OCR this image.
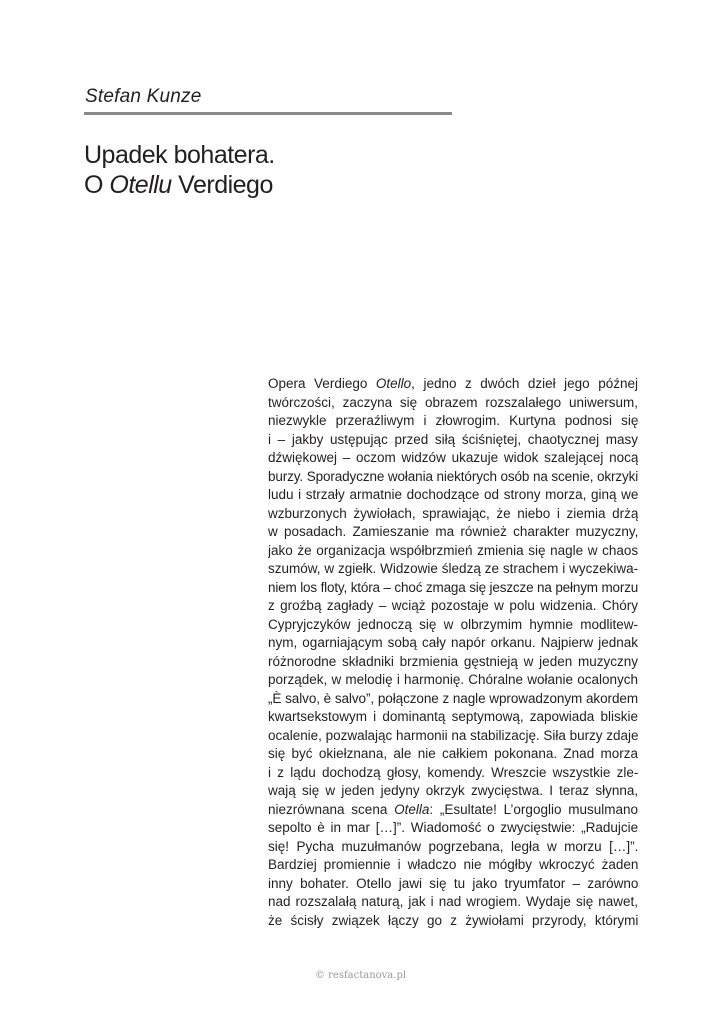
Stefan Kunze

Upadek bohatera.
O Otellu Verdiego
Opera Verdiego Otello, jedno z dwóch dzieł jego późnej
twórczości, zaczyna się obrazem rozszalałego uniwersum,
niezwykle przeraźliwym i złowrogim. Kurtyna podnosi się
i – jakby ustępując przed siłą ściśniętej, chaotycznej masy
dźwiękowej – oczom widzów ukazuje widok szalejącej nocą
burzy. Sporadyczne wołania niektórych osób na scenie, okrzyki
ludu i strzały armatnie dochodzące od strony morza, giną we
wzburzonych żywiołach, sprawiając, że niebo i ziemia drżą
w posadach. Zamieszanie ma również charakter muzyczny,
jako że organizacja współbrzmień zmienia się nagle w chaos
szumów, w zgiełk. Widzowie śledzą ze strachem i wyczekiwa-
niem los floty, która – choć zmaga się jeszcze na pełnym morzu
z groźbą zagłady – wciąż pozostaje w polu widzenia. Chóry
Cypryjczyków jednoczą się w olbrzymim hymnie modlitew-
nym, ogarniającym sobą cały napór orkanu. Najpierw jednak
różnorodne składniki brzmienia gęstnieją w jeden muzyczny
porządek, w melodię i harmonię. Chóralne wołanie ocalonych
„È salvo, è salvo”, połączone z nagle wprowadzonym akordem
kwartsekstowym i dominantą septymową, zapowiada bliskie
ocalenie, pozwalając harmonii na stabilizację. Siła burzy zdaje
się być okiełznana, ale nie całkiem pokonana. Znad morza
i z lądu dochodzą głosy, komendy. Wreszcie wszystkie zle-
wają się w jeden jedyny okrzyk zwycięstwa. I teraz słynna,
niezrównana scena Otella: „Esultate! L’orgoglio musulmano
sepolto è in mar […]”. Wiadomość o zwycięstwie: „Radujcie
się! Pycha muzułmanów pogrzebana, legła w morzu […]”.
Bardziej promiennie i władczo nie mógłby wkroczyć żaden
inny bohater. Otello jawi się tu jako tryumfator – zarówno
nad rozszalałą naturą, jak i nad wrogiem. Wydaje się nawet,
że ścisły związek łączy go z żywiołami przyrody, którymi
© resfactanova.pl
